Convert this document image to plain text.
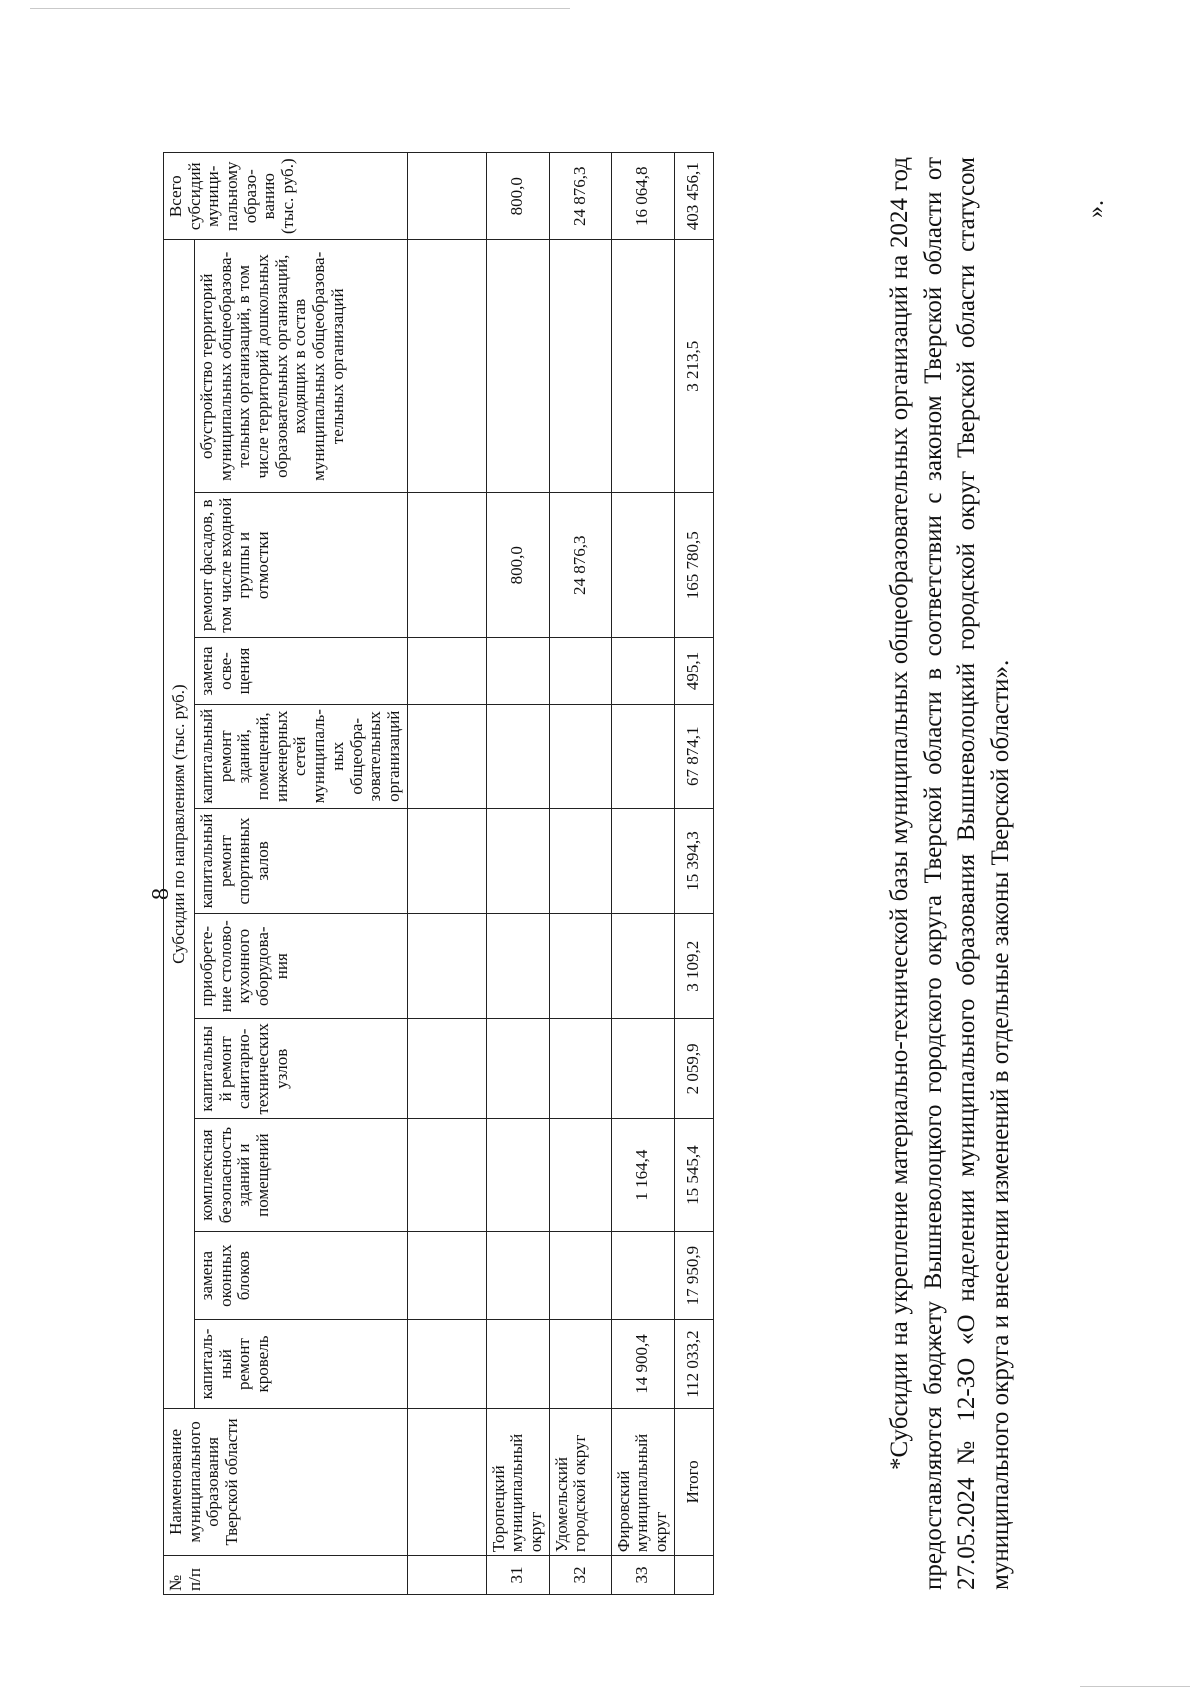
8
№ п/п	Наименование муниципального образования Тверской области	Субсидии по направлениям (тыс. руб.)										Всего субсидий муници-пальному образо-ванию (тыс. руб.)
		капиталь-ный ремонт кровель	замена оконных блоков	комплексная безопасность зданий и помещений	капитальный ремонт санитарно-технических узлов	приобрете-ние столово-кухонного оборудова-ния	капитальный ремонт спортивных залов	капитальный ремонт зданий, помещений, инженерных сетей муниципаль-ных общеобра-зовательных организаций	замена осве-щения	ремонт фасадов, в том числе входной группы и отмостки	обустройство территорий муниципальных общеобразова-тельных организаций, в том числе территорий дошкольных образовательных организаций, входящих в состав муниципальных общеобразова-тельных организаций	

31	Торопецкий муниципальный округ									800,0		800,0
32	Удомельский городской округ									24 876,3		24 876,3
33	Фировский муниципальный округ	14 900,4		1 164,4								16 064,8
	Итого	112 033,2	17 950,9	15 545,4	2 059,9	3 109,2	15 394,3	67 874,1	495,1	165 780,5	3 213,5	403 456,1	*Субсидии на укрепление материально-технической базы муниципальных общеобразовательных организаций на 2024 год предоставляются бюджету Вышневолоцкого городского округа Тверской области в соответствии с законом Тверской области от 27.05.2024 № 12-ЗО «О наделении муниципального образования Вышневолоцкий городской округ Тверской области статусом муниципального округа и внесении изменений в отдельные законы Тверской области».

».
